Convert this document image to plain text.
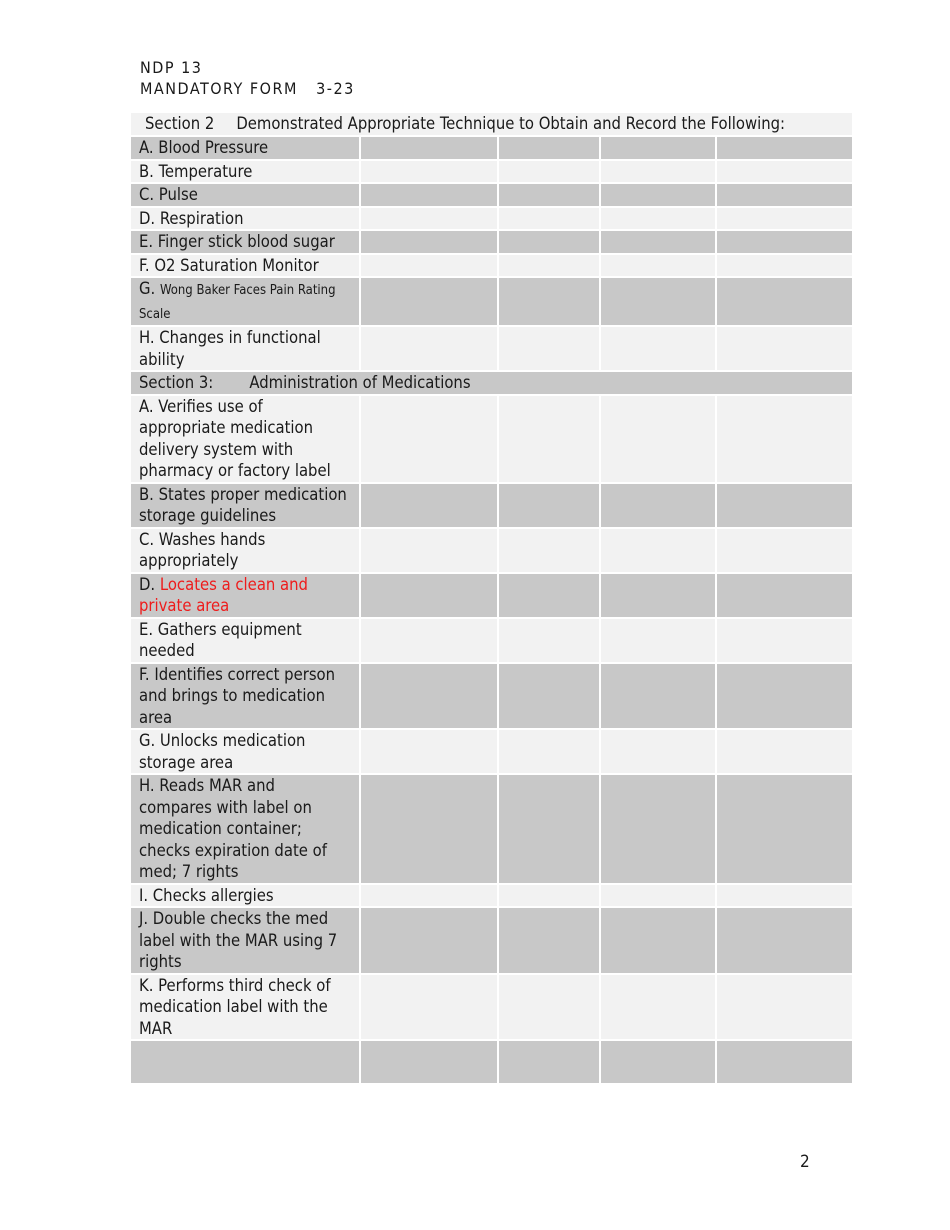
NDP 13
MANDATORY FORM   3-23
Section 2 Demonstrated Appropriate Technique to Obtain and Record the Following:				
A. Blood Pressure				
B. Temperature				
C. Pulse				
D. Respiration				
E. Finger stick blood sugar				
F. O2 Saturation Monitor				
G. Wong Baker Faces Pain Rating Scale				
H. Changes in functional ability				
Section 3: Administration of Medications				
A. Verifies use of appropriate medication delivery system with pharmacy or factory label				
B. States proper medication storage guidelines				
C. Washes hands appropriately				
D. Locates a clean and private area				
E. Gathers equipment needed				
F. Identifies correct person and brings to medication area				
G. Unlocks medication storage area				
H. Reads MAR and compares with label on medication container; checks expiration date of med; 7 rights				
I. Checks allergies				
J. Double checks the med label with the MAR using 7 rights				
K. Performs third check of medication label with the MAR				

2
